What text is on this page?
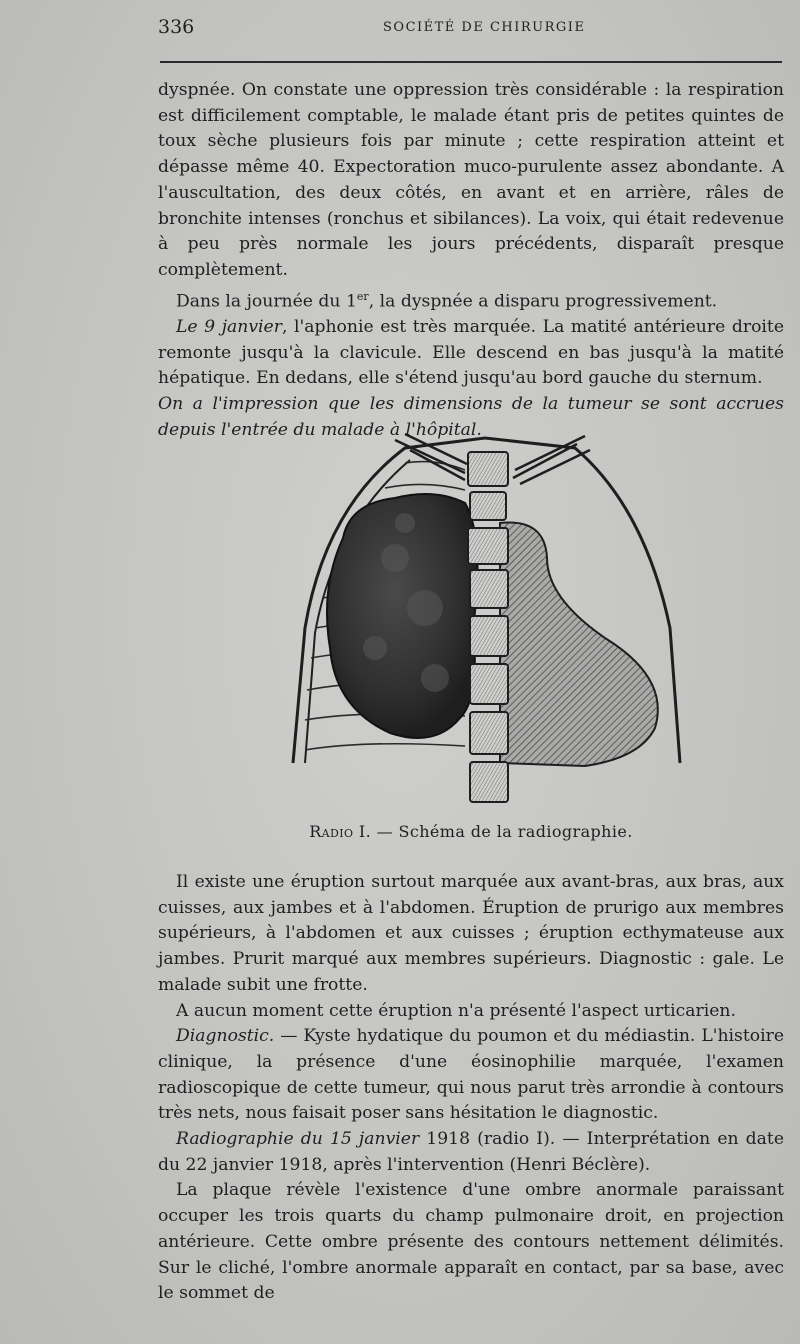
336	SOCIÉTÉ DE CHIRURGIE

dyspnée. On constate une oppression très considérable : la respiration est difficilement comptable, le malade étant pris de petites quintes de toux sèche plusieurs fois par minute ; cette respiration atteint et dépasse même 40. Expectoration muco-purulente assez abondante. A l'auscultation, des deux côtés, en avant et en arrière, râles de bronchite intenses (ronchus et sibilances). La voix, qui était redevenue à peu près normale les jours précédents, disparaît presque complètement.

Dans la journée du 1er, la dyspnée a disparu progressivement.

Le 9 janvier, l'aphonie est très marquée. La matité antérieure droite remonte jusqu'à la clavicule. Elle descend en bas jusqu'à la matité hépatique. En dedans, elle s'étend jusqu'au bord gauche du sternum.

On a l'impression que les dimensions de la tumeur se sont accrues depuis l'entrée du malade à l'hôpital.

Radio I. — Schéma de la radiographie.

Il existe une éruption surtout marquée aux avant-bras, aux bras, aux cuisses, aux jambes et à l'abdomen. Éruption de prurigo aux membres supérieurs, à l'abdomen et aux cuisses ; éruption ecthymateuse aux jambes. Prurit marqué aux membres supérieurs. Diagnostic : gale. Le malade subit une frotte.

A aucun moment cette éruption n'a présenté l'aspect urticarien.

Diagnostic. — Kyste hydatique du poumon et du médiastin. L'histoire clinique, la présence d'une éosinophilie marquée, l'examen radioscopique de cette tumeur, qui nous parut très arrondie à contours très nets, nous faisait poser sans hésitation le diagnostic.

Radiographie du 15 janvier 1918 (radio I). — Interprétation en date du 22 janvier 1918, après l'intervention (Henri Béclère).

La plaque révèle l'existence d'une ombre anormale paraissant occuper les trois quarts du champ pulmonaire droit, en projection antérieure. Cette ombre présente des contours nettement délimités. Sur le cliché, l'ombre anormale apparaît en contact, par sa base, avec le sommet de
